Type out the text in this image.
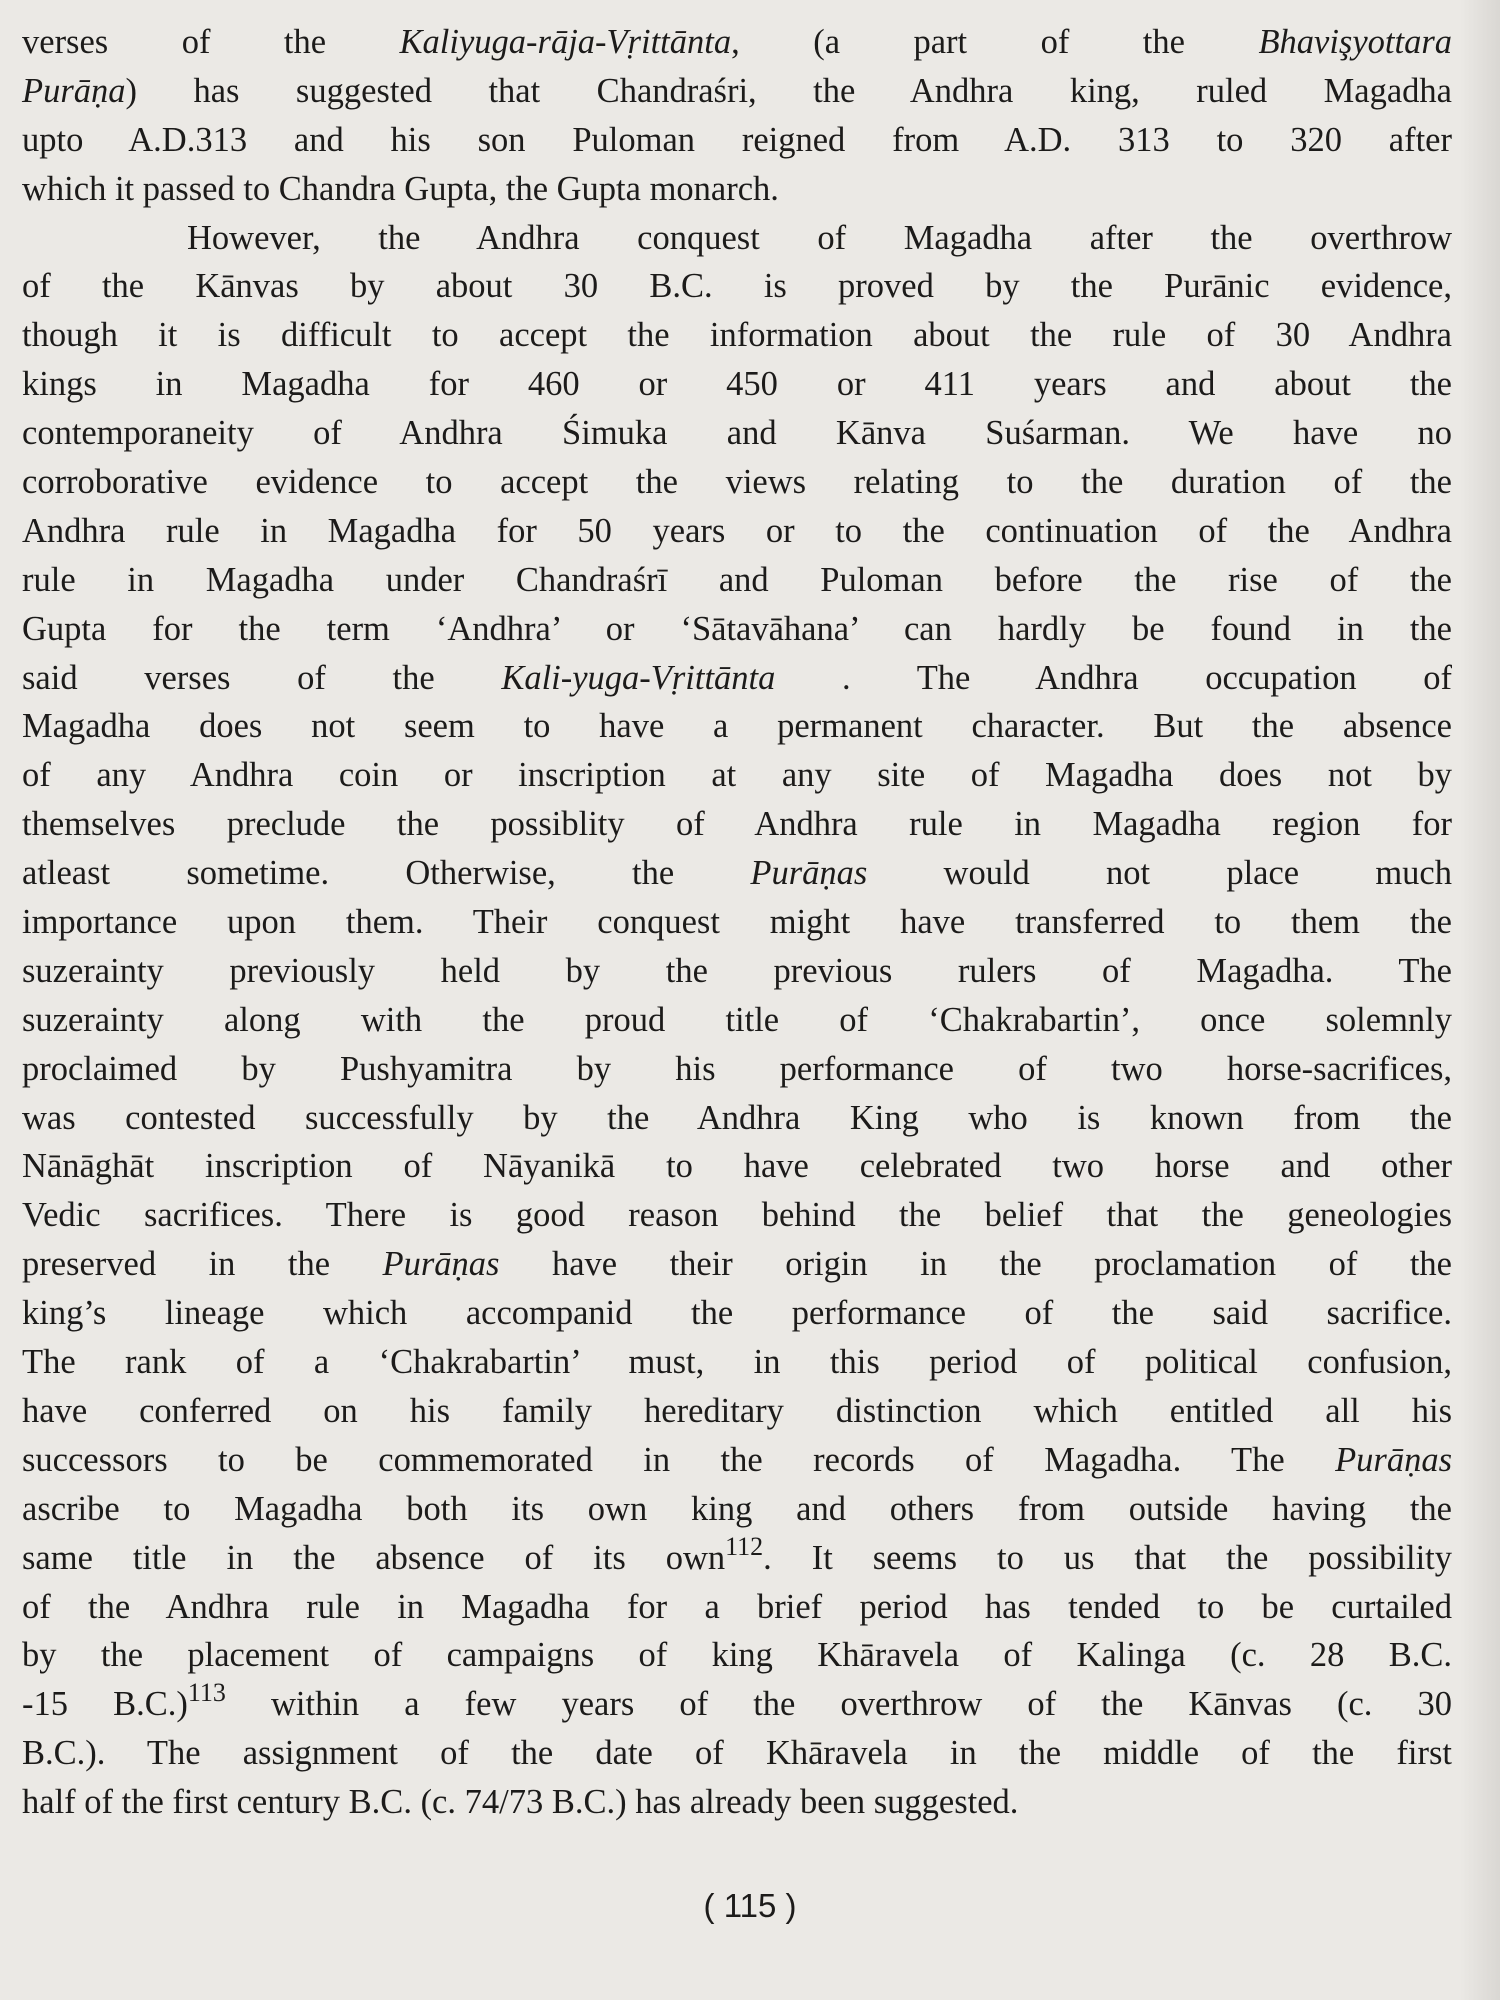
verses of the Kaliyuga-rāja-Vṛittānta, (a part of the Bhavişyottara
Purāṇa) has suggested that Chandraśri, the Andhra king, ruled Magadha
upto A.D.313 and his son Puloman reigned from A.D. 313 to 320 after
which it passed to Chandra Gupta, the Gupta monarch.
However, the Andhra conquest of Magadha after the overthrow
of the Kānvas by about 30 B.C. is proved by the Purānic evidence,
though it is difficult to accept the information about the rule of 30 Andhra
kings in Magadha for 460 or 450 or 411 years and about the
contemporaneity of Andhra Śimuka and Kānva Suśarman. We have no
corroborative evidence to accept the views relating to the duration of the
Andhra rule in Magadha for 50 years or to the continuation of the Andhra
rule in Magadha under Chandraśrī and Puloman before the rise of the
Gupta for the term ‘Andhra’ or ‘Sātavāhana’ can hardly be found in the
said verses of the Kali-yuga-Vṛittānta . The Andhra occupation of
Magadha does not seem to have a permanent character. But the absence
of any Andhra coin or inscription at any site of Magadha does not by
themselves preclude the possiblity of Andhra rule in Magadha region for
atleast sometime. Otherwise, the Purāṇas would not place much
importance upon them. Their conquest might have transferred to them the
suzerainty previously held by the previous rulers of Magadha. The
suzerainty along with the proud title of ‘Chakrabartin’, once solemnly
proclaimed by Pushyamitra by his performance of two horse-sacrifices,
was contested successfully by the Andhra King who is known from the
Nānāghāt inscription of Nāyanikā to have celebrated two horse and other
Vedic sacrifices. There is good reason behind the belief that the geneologies
preserved in the Purāṇas have their origin in the proclamation of the
king’s lineage which accompanid the performance of the said sacrifice.
The rank of a ‘Chakrabartin’ must, in this period of political confusion,
have conferred on his family hereditary distinction which entitled all his
successors to be commemorated in the records of Magadha. The Purāṇas
ascribe to Magadha both its own king and others from outside having the
same title in the absence of its own$^{112}$. It seems to us that the possibility
of the Andhra rule in Magadha for a brief period has tended to be curtailed
by the placement of campaigns of king Khāravela of Kalinga (c. 28 B.C.
-15 B.C.)$^{113}$ within a few years of the overthrow of the Kānvas (c. 30
B.C.). The assignment of the date of Khāravela in the middle of the first
half of the first century B.C. (c. 74/73 B.C.) has already been suggested.
( 115 )
